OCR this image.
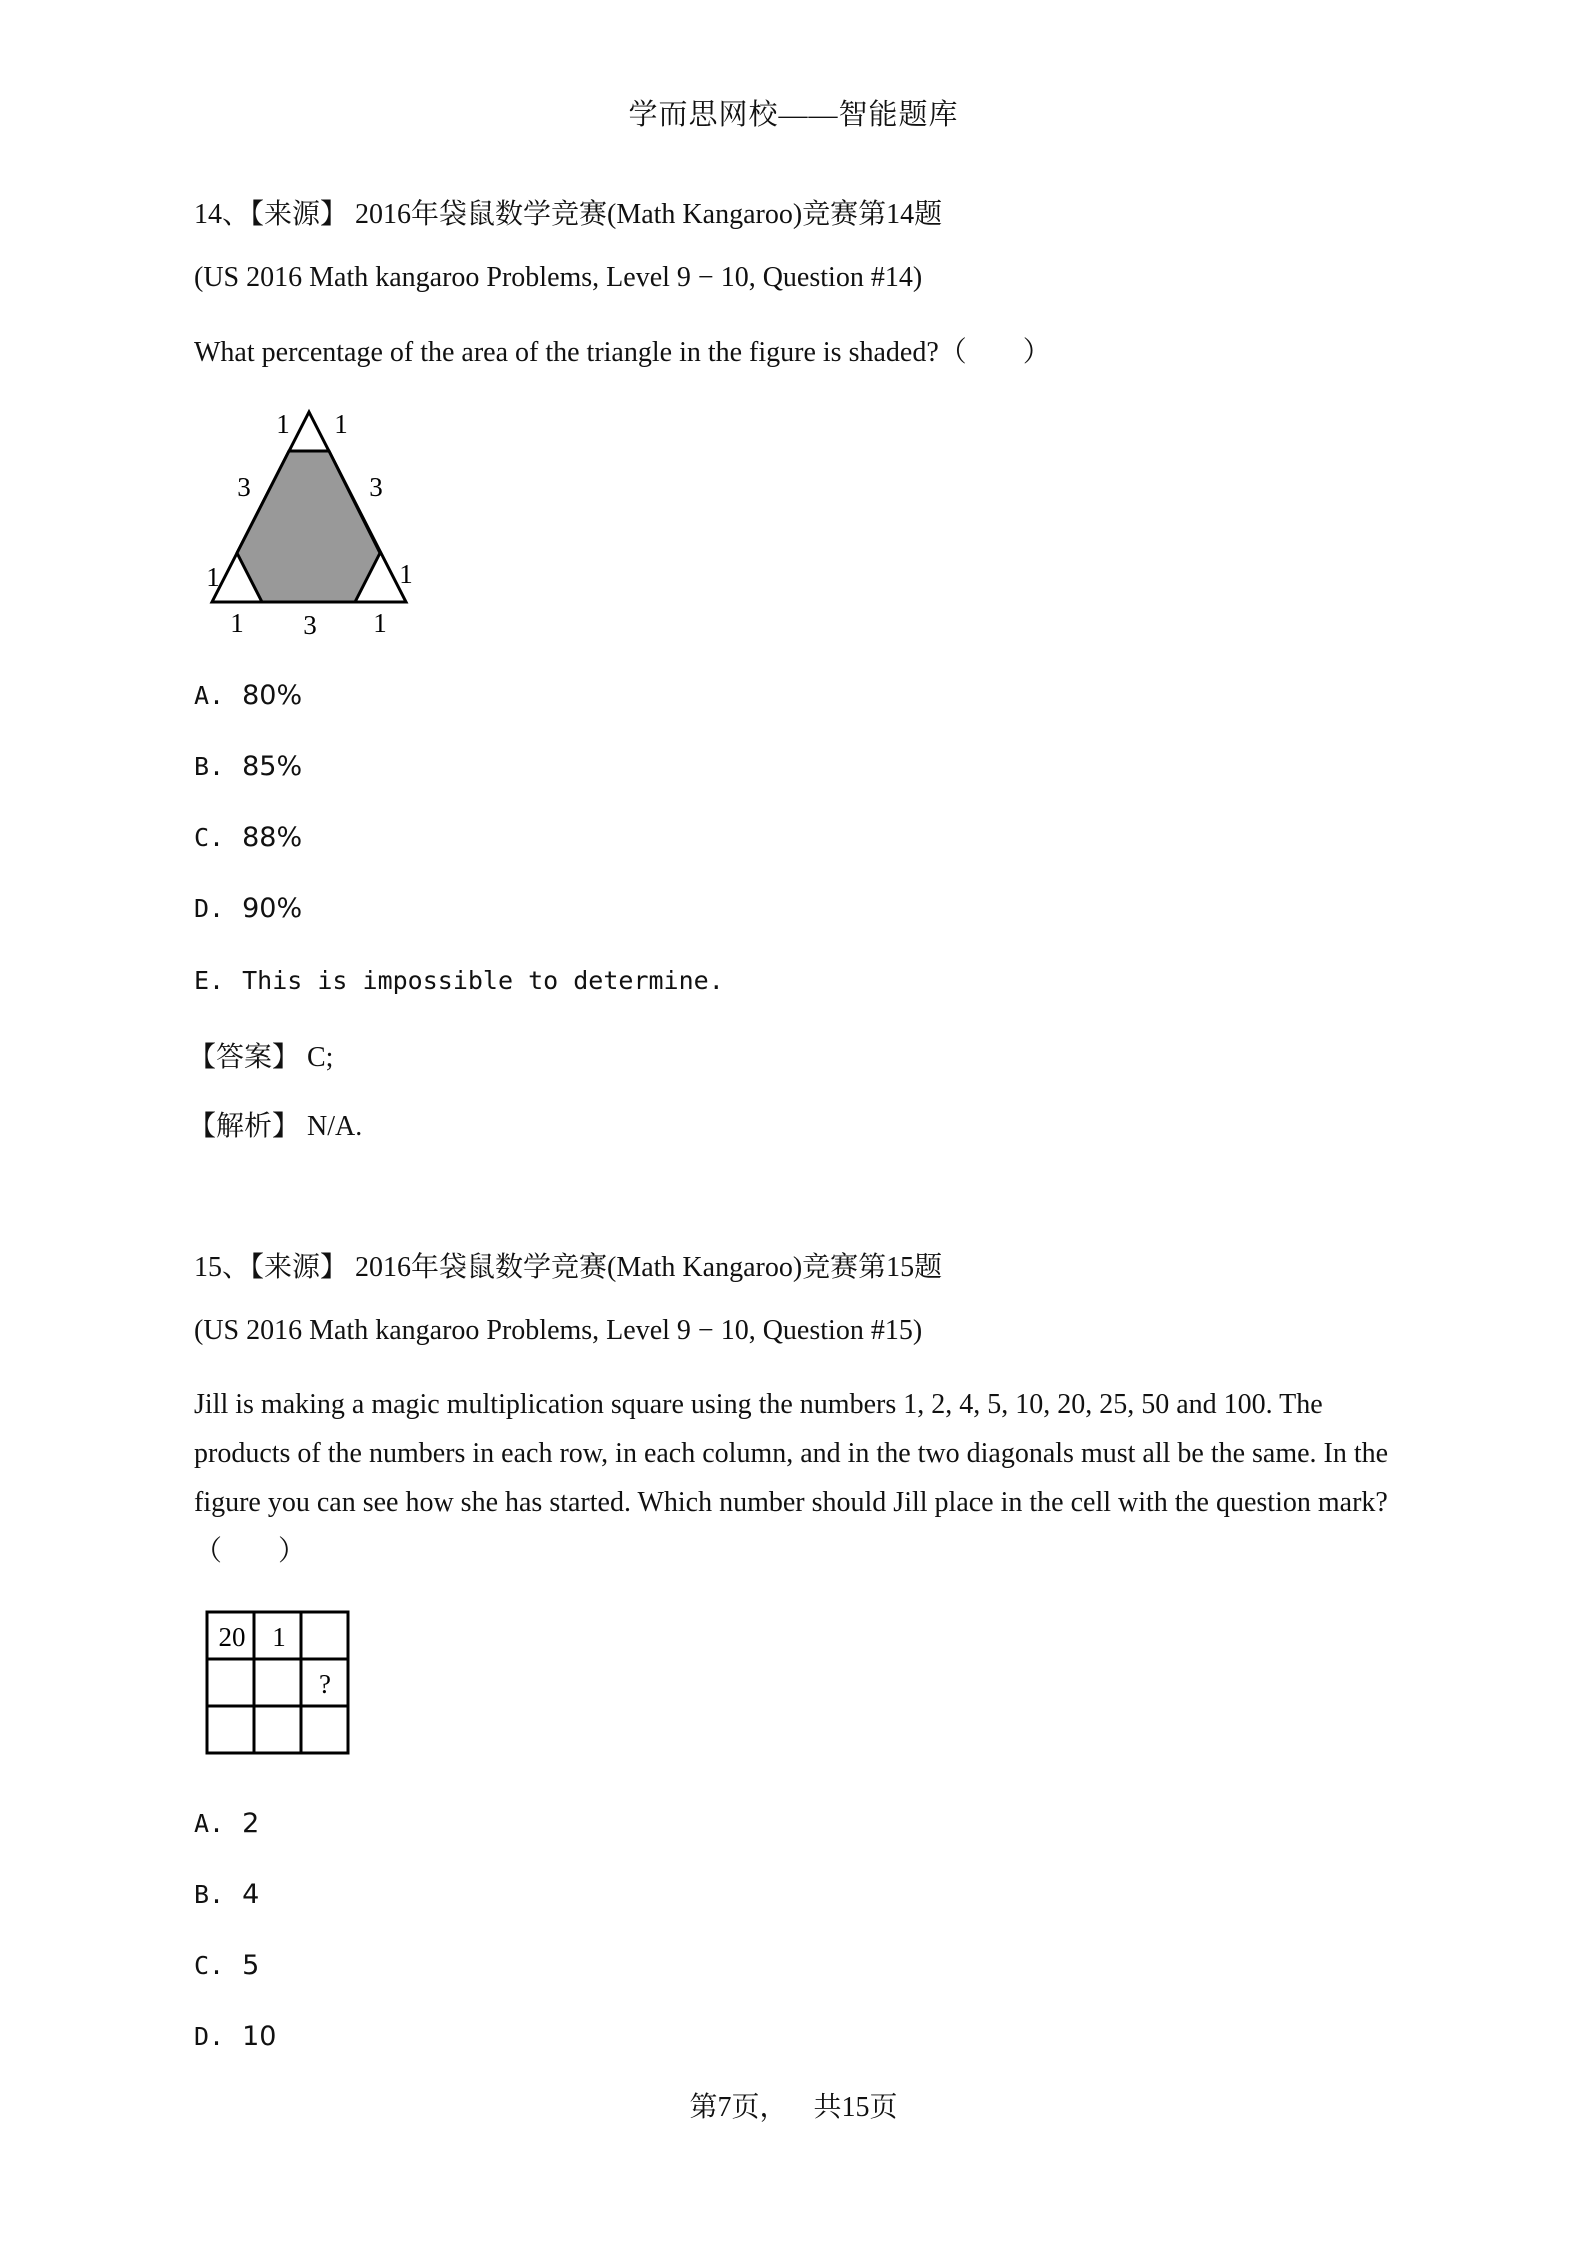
学而思网校——智能题库
14、【来源】 2016年袋鼠数学竞赛(Math Kangaroo)竞赛第14题
(US 2016 Math kangaroo Problems, Level 9 − 10, Question #14)
What percentage of the area of the triangle in the figure is shaded?（　　）
1 1
3	3
1	1
1 3 1
A. 80%
B. 85%
C. 88%
D. 90%
E. This is impossible to determine.
【答案】 C;
【解析】 N/A.
15、【来源】 2016年袋鼠数学竞赛(Math Kangaroo)竞赛第15题
(US 2016 Math kangaroo Problems, Level 9 − 10, Question #15)
Jill is making a magic multiplication square using the numbers 1, 2, 4, 5, 10, 20, 25, 50 and 100. The products of the numbers in each row, in each column, and in the two diagonals must all be the same. In the figure you can see how she has started. Which number should Jill place in the cell with the question mark?
（　　）
20 1
?
A. 2
B. 4
C. 5
D. 10
第7页， 共15页
